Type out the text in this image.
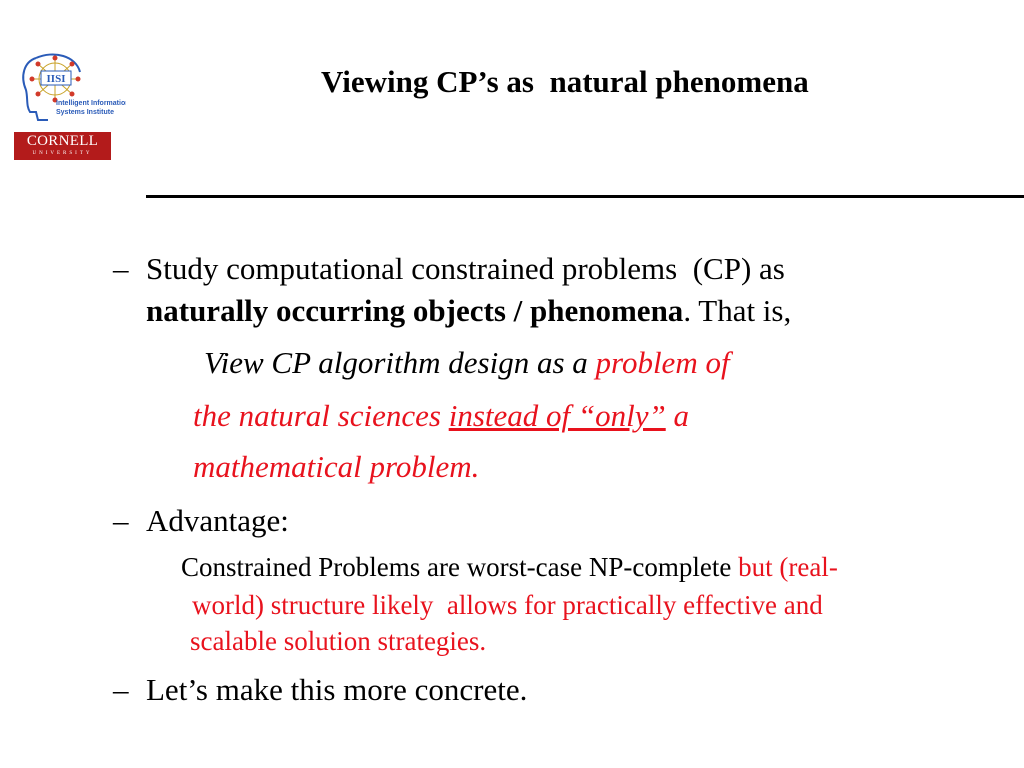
IISI
Intelligent Information
Systems Institute
CORNELL
UNIVERSITY
Viewing CP’s as  natural phenomena
– Study computational constrained problems  (CP) as
naturally occurring objects / phenomena. That is,
View CP algorithm design as a problem of
the natural sciences instead of “only” a
mathematical problem.
– Advantage:
Constrained Problems are worst-case NP-complete but (real-
world) structure likely  allows for practically effective and
scalable solution strategies.
– Let’s make this more concrete.
